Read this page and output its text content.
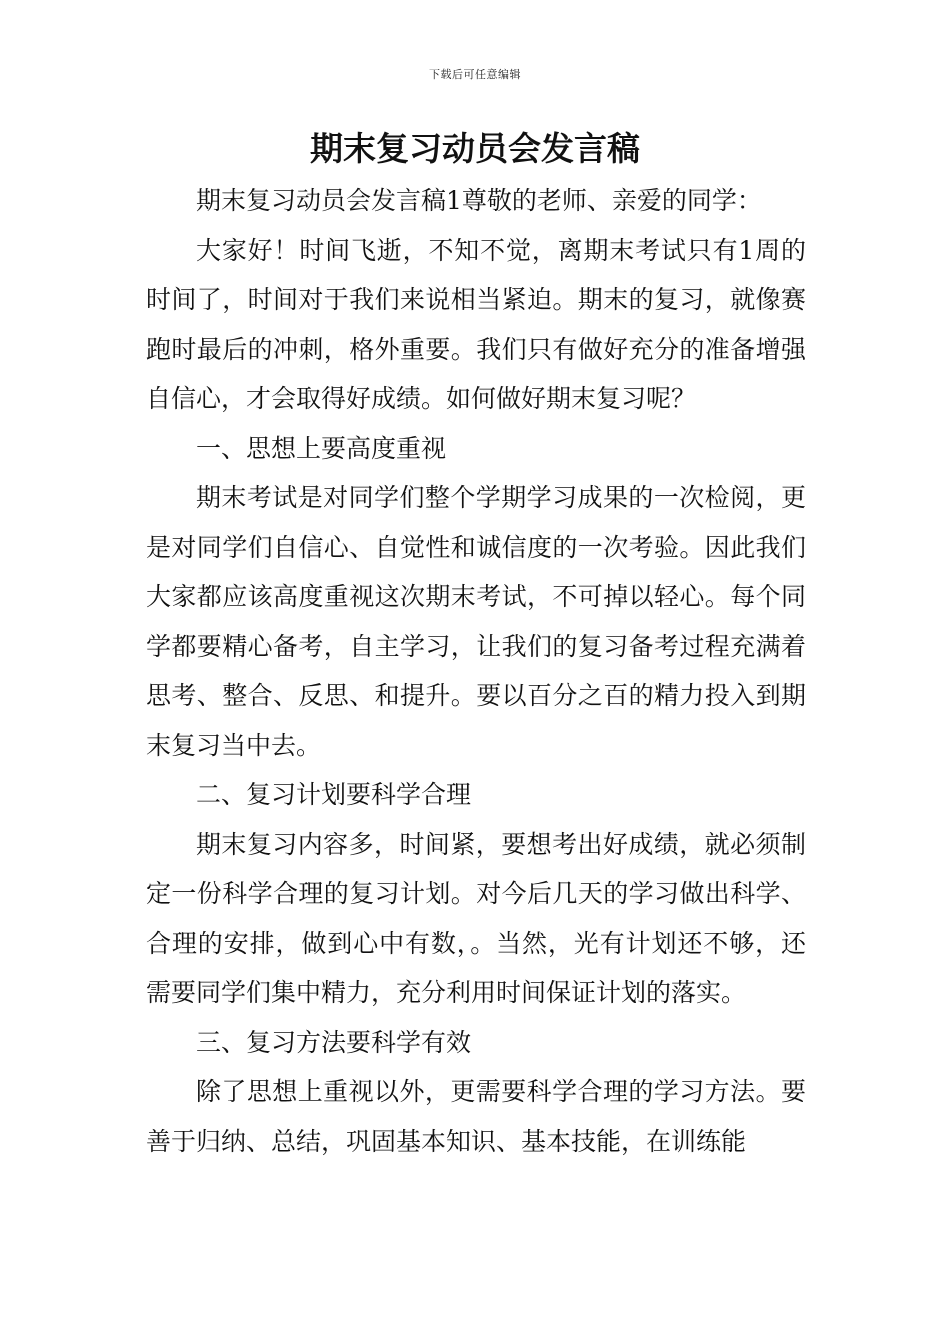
下载后可任意编辑
期末复习动员会发言稿

期末复习动员会发言稿1尊敬的老师、亲爱的同学：

大家好！时间飞逝，不知不觉，离期末考试只有1周的时间了，时间对于我们来说相当紧迫。期末的复习，就像赛跑时最后的冲刺，格外重要。我们只有做好充分的准备增强自信心，才会取得好成绩。如何做好期末复习呢？

一、思想上要高度重视

期末考试是对同学们整个学期学习成果的一次检阅，更是对同学们自信心、自觉性和诚信度的一次考验。因此我们大家都应该高度重视这次期末考试，不可掉以轻心。每个同学都要精心备考，自主学习，让我们的复习备考过程充满着思考、整合、反思、和提升。要以百分之百的精力投入到期末复习当中去。

二、复习计划要科学合理

期末复习内容多，时间紧，要想考出好成绩，就必须制定一份科学合理的复习计划。对今后几天的学习做出科学、合理的安排，做到心中有数，。当然，光有计划还不够，还需要同学们集中精力，充分利用时间保证计划的落实。

三、复习方法要科学有效

除了思想上重视以外，更需要科学合理的学习方法。要善于归纳、总结，巩固基本知识、基本技能，在训练能
